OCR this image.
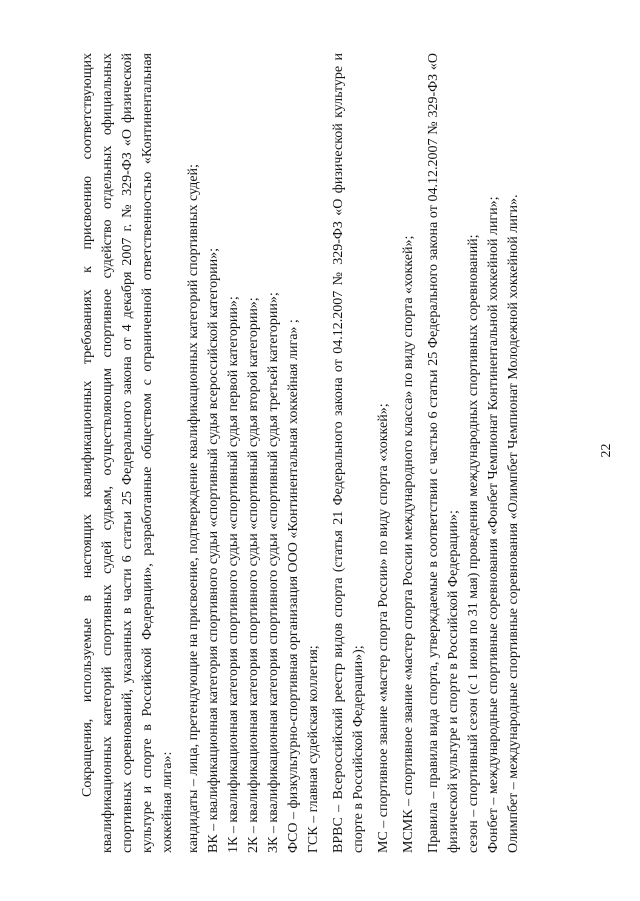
Сокращения, используемые в настоящих квалификационных требованиях к присвоению соответствующих квалификационных категорий спортивных судей судьям, осуществляющим спортивное судейство отдельных официальных спортивных соревнований, указанных в части 6 статьи 25 Федерального закона от 4 декабря 2007 г. № 329-ФЗ «О физической культуре и спорте в Российской Федерации», разработанные обществом с ограниченной ответственностью «Континентальная хоккейная лига»: кандидаты – лица, претендующие на присвоение, подтверждение квалификационных категорий спортивных судей; ВК – квалификационная категория спортивного судьи «спортивный судья всероссийской категории»; 1К – квалификационная категория спортивного судьи «спортивный судья первой категории»; 2К – квалификационная категория спортивного судьи «спортивный судья второй категории»; 3К – квалификационная категория спортивного судьи «спортивный судья третьей категории»; ФСО – физкультурно-спортивная организация ООО «Континентальная хоккейная лига» ; ГСК – главная судейская коллегия; ВРВС – Всероссийский реестр видов спорта (статья 21 Федерального закона от 04.12.2007 № 329-ФЗ «О физической культуре и спорте в Российской Федерации»); МС – спортивное звание «мастер спорта России» по виду спорта «хоккей»; МСМК – спортивное звание «мастер спорта России международного класса» по виду спорта «хоккей»; Правила – правила вида спорта, утверждаемые в соответствии с частью 6 статьи 25 Федерального закона от 04.12.2007 № 329-ФЗ «О физической культуре и спорте в Российской Федерации»; сезон – спортивный сезон (с 1 июня по 31 мая) проведения международных спортивных соревнований; Фонбет – международные спортивные соревнования «Фонбет Чемпионат Континентальной хоккейной лиги»; Олимпбет – международные спортивные соревнования «Олимпбет Чемпионат Молодежной хоккейной лиги».	22
